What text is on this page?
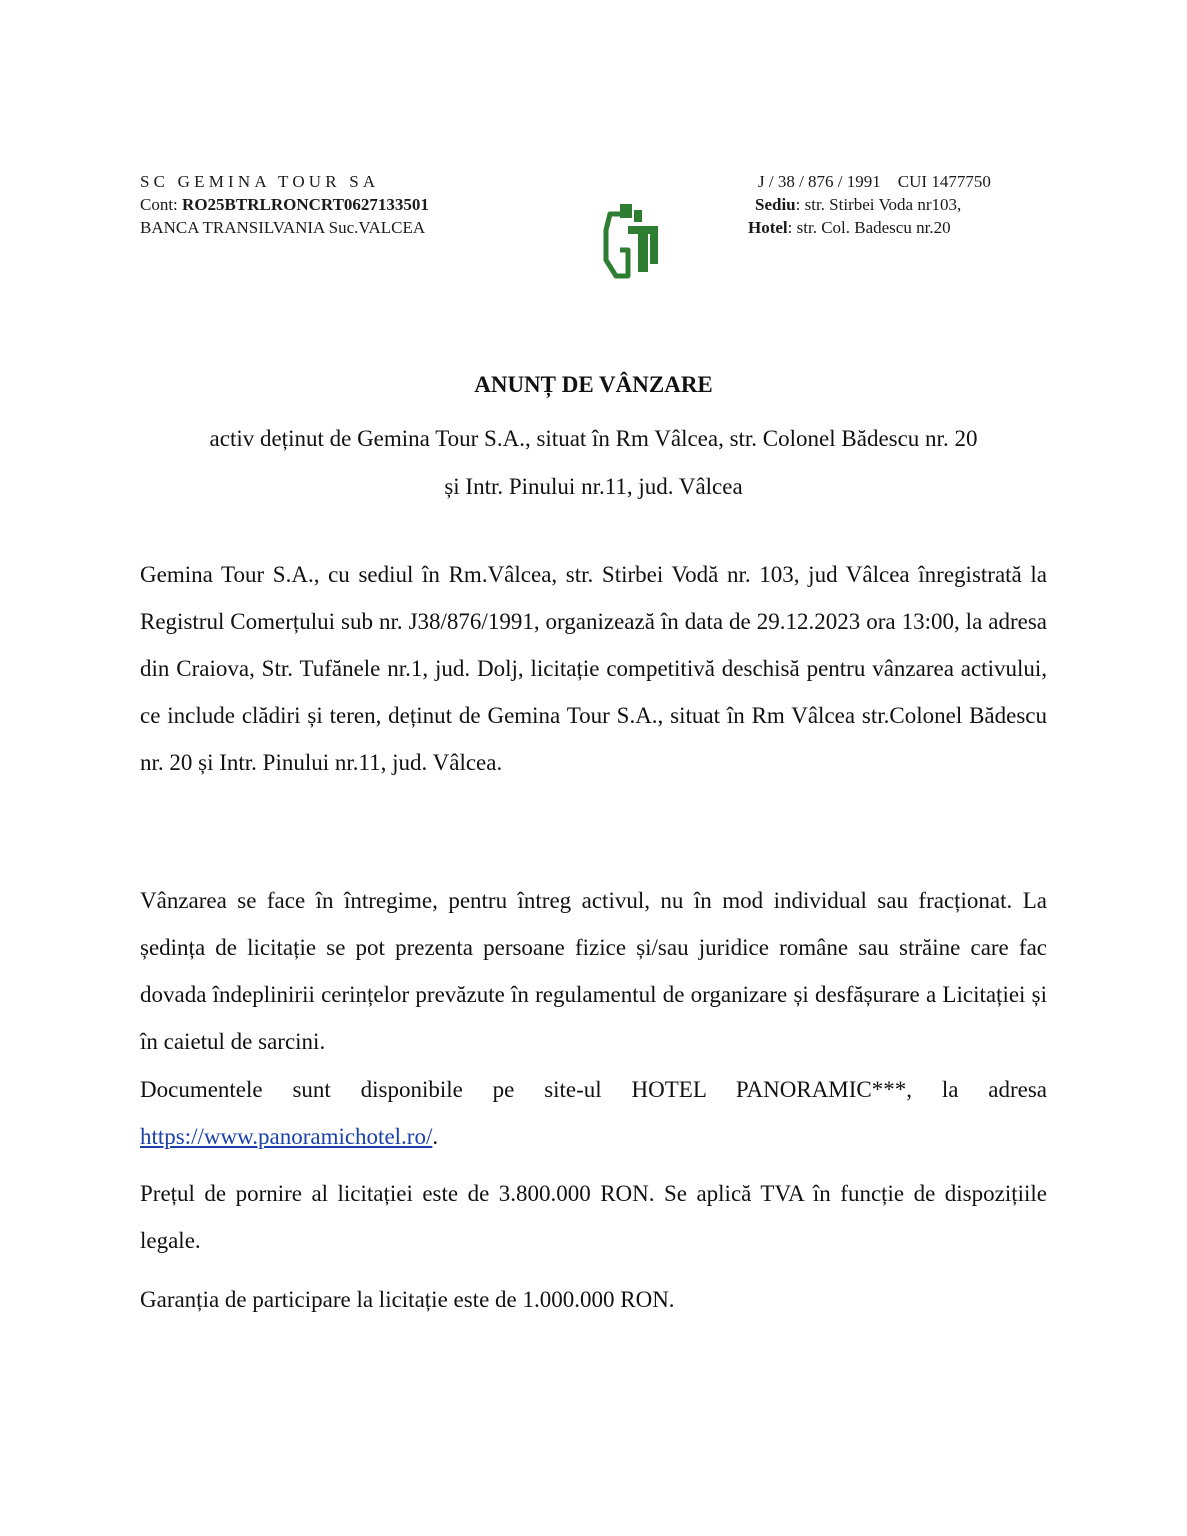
SC GEMINA TOUR SA
Cont: RO25BTRLRONCRT0627133501
BANCA TRANSILVANIA Suc.VALCEA
J / 38 / 876 / 1991 CUI 1477750
Sediu: str. Stirbei Voda nr103,
Hotel: str. Col. Badescu nr.20
ANUNȚ DE VÂNZARE
activ deținut de Gemina Tour S.A., situat în Rm Vâlcea, str. Colonel Bădescu nr. 20
și Intr. Pinului nr.11, jud. Vâlcea
Gemina Tour S.A., cu sediul în Rm.Vâlcea, str. Stirbei Vodă nr. 103, jud Vâlcea înregistrată la Registrul Comerțului sub nr. J38/876/1991, organizează în data de 29.12.2023 ora 13:00, la adresa din Craiova, Str. Tufănele nr.1, jud. Dolj, licitație competitivă deschisă pentru vânzarea activului, ce include clădiri și teren, deținut de Gemina Tour S.A., situat în Rm Vâlcea str.Colonel Bădescu nr. 20 și Intr. Pinului nr.11, jud. Vâlcea.
Vânzarea se face în întregime, pentru întreg activul, nu în mod individual sau fracționat. La ședința de licitație se pot prezenta persoane fizice și/sau juridice române sau străine care fac dovada îndeplinirii cerințelor prevăzute în regulamentul de organizare și desfășurare a Licitației și în caietul de sarcini.
Documentele sunt disponibile pe site-ul HOTEL PANORAMIC***, la adresa https://www.panoramichotel.ro/.
Prețul de pornire al licitației este de 3.800.000 RON. Se aplică TVA în funcție de dispozițiile legale.
Garanția de participare la licitație este de 1.000.000 RON.
